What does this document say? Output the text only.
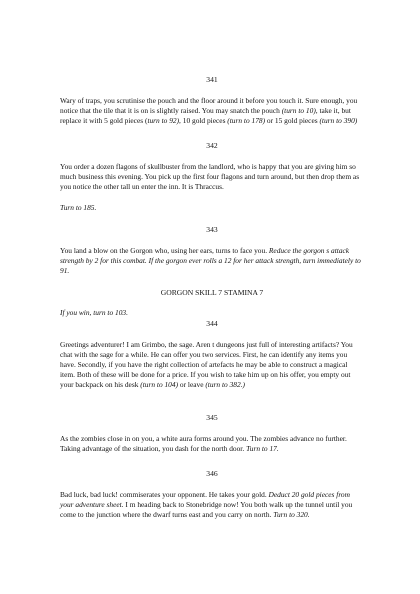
341

Wary of traps, you scrutinise the pouch and the floor around it before you touch it. Sure enough, you notice that the tile that it is on is slightly raised. You may snatch the pouch (turn to 10), take it, but replace it with 5 gold pieces (turn to 92), 10 gold pieces (turn to 178) or 15 gold pieces (turn to 390)

342

You order a dozen flagons of skullbuster from the landlord, who is happy that you are giving him so much business this evening. You pick up the first four flagons and turn around, but then drop them as you notice the other tall un enter the inn. It is Thraccus.

Turn to 185.

343

You land a blow on the Gorgon who, using her ears, turns to face you. Reduce the gorgon s attack strength by 2 for this combat. If the gorgon ever rolls a 12 for her attack strength, turn immediately to 91.

GORGON SKILL 7 STAMINA 7

If you win, turn to 103.

344

Greetings adventurer! I am Grimbo, the sage. Aren t dungeons just full of interesting artifacts? You chat with the sage for a while. He can offer you two services. First, he can identify any items you have. Secondly, if you have the right collection of artefacts he may be able to construct a magical item. Both of these will be done for a price. If you wish to take him up on his offer, you empty out your backpack on his desk (turn to 104) or leave (turn to 382.)

345

As the zombies close in on you, a white aura forms around you. The zombies advance no further. Taking advantage of the situation, you dash for the north door. Turn to 17.

346

Bad luck, bad luck! commiserates your opponent. He takes your gold. Deduct 20 gold pieces from your adventure sheet. I m heading back to Stonebridge now! You both walk up the tunnel until you come to the junction where the dwarf turns east and you carry on north. Turn to 320.
